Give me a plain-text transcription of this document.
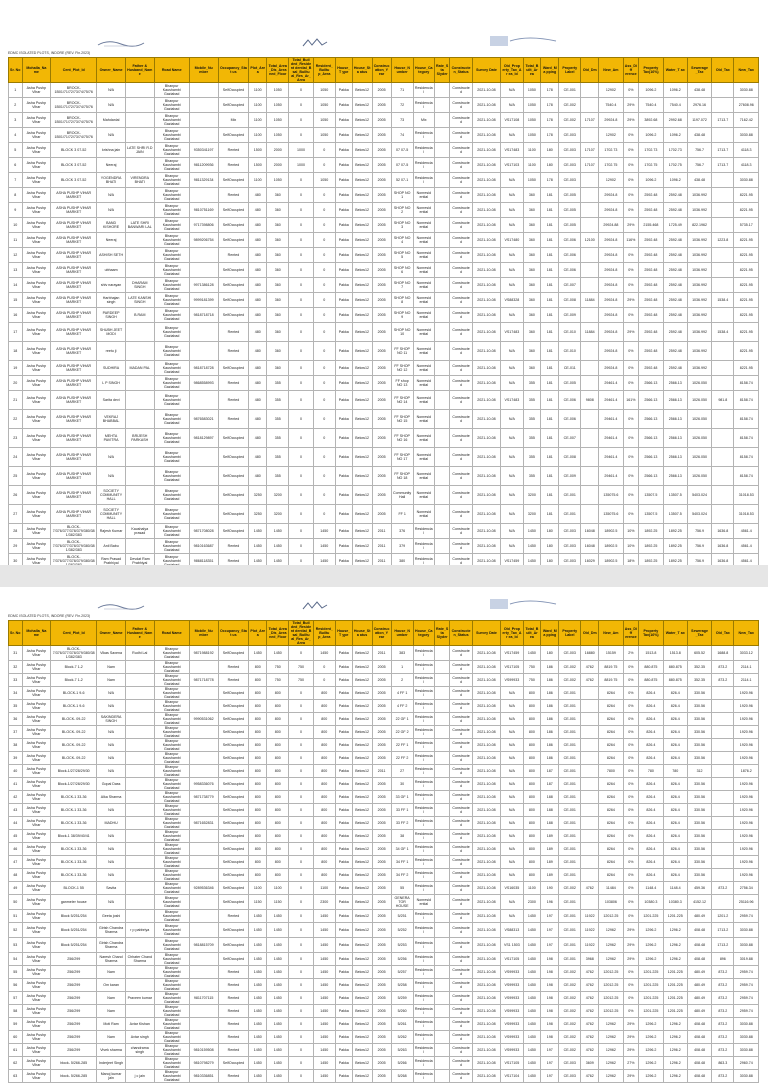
EDMC ISOLATED PLOTS, INDORE (REV. Fin.2023)
Sr. No	Mohalla_Na me	Cent_Plot_Id	Owner_Name	Father & Husband_Name	Road Name	Mobile_Nu mber	Occupancy_Stat us	Plot_Area	Total_Area _Dis_Area ned_Floor	Total_Buil ded_Resident dential_B sal_Builtu al_Res_Ar_Area	Resident_Builtu p_Area	House_T ype	House_Sta atus	Construc ation_Y ear	House_N umber	House_Ca tegory	Rate_Sta Slyder	Constructe n_Status	Survey Date	Old_Prop erty_Tax_Ar ea_Id	Total_B uilt_Ar ea	Ward_Ma pping	Property Label	Old_Dm	New_Am	Ass_Diff erence	Property Tax(16%)	Water_T ax	Sewerage _Tax	Old_Tax	New_Tax
1	Asha Pushp Vihar	BROCK-1B01/71/72/73/74/75/76	N/A		Bhanpur Kaushambi Gaziabad		SelfOccupied	1100	1050	0	1050	Pakka	Below12	2005	71	Residencial		Constructe d	2021-10-08	N/A	1050	178	CE-001		12902	0%	1096.2	1096.2	438.48		3030.88
2	Asha Pushp Vihar	BROCK-1B01/71/72/73/74/75/76	N/A		Bhanpur Kaushambi Gaziabad		SelfOccupied	1100	1050	0	1050	Pakka	Below12	2005	72	Residencial		Constructe d	2021-10-08	N/A	1050	178	CE-002		7540.4	29%	7540.4	7540.4	2976.16		27608.96
3	Asha Pushp Vihar	BROCK-1B01/71/72/73/74/75/76	Mahdanlal		Bhanpur Kaushambi Gaziabad		Mix	1100	1050	0	1050	Pakka	Below12	2005	73	Mix		Constructe d	2021-10-08	VS17108	1050	178	CE-002	17107	29924.8	29%	3892.68	2992.68	1197.072	1713.7	7162.42
4	Asha Pushp Vihar	BROCK-1B01/71/72/73/74/75/76	N/A		Bhanpur Kaushambi Gaziabad		SelfOccupied	1100	1050	0	1050	Pakka	Below12	2005	74	Residencial		Constructe d	2021-10-08	N/A	1050	178	CE-003		12902	0%	1096.2	1096.2	438.48		3030.88
5	Asha Pushp Vihar	BLOCK 3 07-52	krishna jain	LATE SHRI R.D JAIN	Bhanpur Kaushambi Gaziabad	9350341197	Rented	1500	2000	1000	0	Pakka	Below12	2005	07 07-5	Residencial		Constructe d	2021-10-08	VS17483	1100	180	CE-003	17107	1702.73	0%	1702.73	1702.73	756.7	1713.7	4118.3
6	Asha Pushp Vihar	BLOCK 3 07-52	Neeraj		Bhanpur Kaushambi Gaziabad	9811209936	Rented	1500	2000	1000	0	Pakka	Below12	2005	07 07-5	Residencial		Constructe d	2021-10-08	VS17103	1100	180	CE-003	17107	1702.75	0%	1702.75	1702.75	756.7	1713.7	4118.3
7	Asha Pushp Vihar	BLOCK 3 07-52	YOGENDRA BHATI	VIRENDRA BHATI	Bhanpur Kaushambi Gaziabad	9811329134	SelfOccupied	1100	1050	0	1050	Pakka	Below12	2005	52 07-1	Residencial		Constructe d	2021-10-08	N/A	1050	178	CE-003		12902	0%	1096.2	1096.2	438.48		3030.88
8	Asha Pushp Vihar	ASHA PUSHP VIHAR MARKET	N/A		Bhanpur Kaushambi Gaziabad		Rented	480	360	0	0	Pakka	Below12	2005	SHOP NO 1	Nonresid ential		Constructe d	2021-10-08	N/A	360	181	CE-005		29924.8	0%	2592.48	2592.48	1036.992		8221.95
9	Asha Pushp Vihar	ASHA PUSHP VIHAR MARKET	N/A		Bhanpur Kaushambi Gaziabad	9810751169	SelfOccupied	480	360	0	0	Pakka	Below12	2005	SHOP NO 2	Nonresid ential		Constructe d	2021-10-08	N/A	360	181	CE-005		29924.8	0%	2592.48	2592.48	1036.992		8221.95
10	Asha Pushp Vihar	ASHA PUSHP VIHAR MARKET	BAND KISHORE	LATE SHRI BANWARI LAL	Bhanpur Kaushambi Gaziabad	9717398806	SelfOccupied	480	360	0	0	Pakka	Below12	2005	SHOP NO 3	Nonresid ential		Constructe d	2021-10-08	N/A	360	181	CE-005		29924.88	29%	2155.468	1725.49	822.1962		5735.17
11	Asha Pushp Vihar	ASHA PUSHP VIHAR MARKET	Neeraj		Bhanpur Kaushambi Gaziabad	9899206754	SelfOccupied	480	360	0	0	Pakka	Below12	2005	SHOP NO 4	Nonresid ential		Constructe d	2021-10-08	VS17480	360	181	CE-006	12100	29924.8	116%	2592.48	2592.48	1036.992	1223.8	8221.95
12	Asha Pushp Vihar	ASHA PUSHP VIHAR MARKET	ASHISH SETH		Bhanpur Kaushambi Gaziabad		Rented	480	360	0	0	Pakka	Below12	2005	SHOP NO 5	Nonresid ential		Constructe d	2021-10-08	N/A	360	181	CE-006		29924.8	0%	2592.48	2592.48	1036.992		8221.95
13	Asha Pushp Vihar	ASHA PUSHP VIHAR MARKET	ubhaam		Bhanpur Kaushambi Gaziabad		SelfOccupied	480	360	0	0	Pakka	Below12	2005	SHOP NO 6	Nonresid ential		Constructe d	2021-10-08	N/A	360	181	CE-006		29924.8	0%	2592.48	2592.48	1036.992		8221.95
14	Asha Pushp Vihar	ASHA PUSHP VIHAR MARKET	shiv narayan	DHARAM SINGH	Bhanpur Kaushambi Gaziabad	9971386128	SelfOccupied	480	360	0	0	Pakka	Below12	2005	SHOP NO 7	Nonresid ential		Constructe d	2021-10-08	N/A	360	181	CE-007		29924.8	0%	2592.48	2592.48	1036.992		8221.95
15	Asha Pushp Vihar	ASHA PUSHP VIHAR MARKET	Harbhajan singh	LATE KANSHI SINGH	Bhanpur Kaushambi Gaziabad	9999181399	SelfOccupied	480	360	0	0	Pakka	Below12	2005	SHOP NO 8	Nonresid ential		Constructe d	2021-10-08	VS88328	360	181	CE-008	11884	29924.8	29%	2592.48	2592.48	1036.992	1538.4	8221.95
16	Asha Pushp Vihar	ASHA PUSHP VIHAR MARKET	PARDEEP SINGH	B.RAM	Bhanpur Kaushambi Gaziabad	9818718718	SelfOccupied	480	360	0	0	Pakka	Below12	2005	SHOP NO 9	Nonresid ential		Constructe d	2021-10-08	N/A	360	181	CE-009		29924.8	0%	2592.48	2592.48	1036.992		8221.95
17	Asha Pushp Vihar	ASHA PUSHP VIHAR MARKET	SHUBH JEET MODI		Bhanpur Kaushambi Gaziabad		Rented	480	360	0	0	Pakka	Below12	2005	SHOP NO 10	Nonresid ential		Constructe d	2021-10-08	VS17483	360	181	CE-010	11884	29924.8	29%	2592.48	2592.48	1036.992	1538.4	8221.95
18	Asha Pushp Vihar	ASHA PUSHP VIHAR MARKET	reetu ji		Bhanpur Kaushambi Gaziabad		Rented	480	360	0	0	Pakka	Below12	2005	FF SHOP NO 11	Nonresid ential		Constructe d	2021-10-08	N/A	360	181	CE-010		29924.8	0%	2592.48	2592.48	1036.992		8221.95
19	Asha Pushp Vihar	ASHA PUSHP VIHAR MARKET	SUDHIRA	MADAN PAL	Bhanpur Kaushambi Gaziabad	9818718728	SelfOccupied	480	360	0	0	Pakka	Below12	2005	FF SHOP NO 12	Nonresid ential		Constructe d	2021-10-08	N/A	360	181	CE-011		29924.8	0%	2592.48	2592.48	1036.992		8221.95
20	Asha Pushp Vihar	ASHA PUSHP VIHAR MARKET	L P SINGH		Bhanpur Kaushambi Gaziabad	9868558993	Rented	480	355	0	0	Pakka	Below12	2005	FF shop NO 13	Nonresid ential		Constructe d	2021-10-08	N/A	355	181	CE-005		29461.4	0%	2566.13	2566.13	1026.050		8158.74
21	Asha Pushp Vihar	ASHA PUSHP VIHAR MARKET	Sarita devi		Bhanpur Kaushambi Gaziabad		Rented	480	355	0	0	Pakka	Below12	2005	FF SHOP NO 14	Nonresid ential		Constructe d	2021-10-08	VS17483	355	181	CE-006	9808	29461.4	161%	2566.13	2566.13	1026.050	981.8	8158.74
22	Asha Pushp Vihar	ASHA PUSHP VIHAR MARKET	VEKRAJ BHABBAL		Bhanpur Kaushambi Gaziabad	9876583021	Rented	480	355	0	0	Pakka	Below12	2005	FF SHOP NO 15	Nonresid ential		Constructe d	2021-10-08	N/A	355	181	CE-006		29461.4	0%	2566.13	2566.13	1026.050		8158.74
23	Asha Pushp Vihar	ASHA PUSHP VIHAR MARKET	MEHTA PAVITRA	BRIJESH PARKASH	Bhanpur Kaushambi Gaziabad	9818129897	SelfOccupied	480	355	0	0	Pakka	Below12	2005	FF SHOP NO 16	Nonresid ential		Constructe d	2021-10-08	N/A	355	181	CE-007		29461.4	0%	2566.13	2566.13	1026.050		8158.74
24	Asha Pushp Vihar	ASHA PUSHP VIHAR MARKET	N/A		Bhanpur Kaushambi Gaziabad		SelfOccupied	480	355	0	0	Pakka	Below12	2005	FF SHOP NO 17	Nonresid ential		Constructe d	2021-10-08	N/A	355	181	CE-008		29461.4	0%	2566.13	2566.13	1026.050		8158.74
25	Asha Pushp Vihar	ASHA PUSHP VIHAR MARKET	N/A		Bhanpur Kaushambi Gaziabad		SelfOccupied	480	355	0	0	Pakka	Below12	2005	FF SHOP NO 18	Nonresid ential		Constructe d	2021-10-08	N/A	355	181	CE-009		29461.4	0%	2566.13	2566.13	1026.050		8158.74
26	Asha Pushp Vihar	ASHA PUSHP VIHAR MARKET	SOCIETY COMMUNITY HALL		Bhanpur Kaushambi Gaziabad		SelfOccupied	3250	3200	0	0	Pakka	Below12	2005	Community Hall	Nonresid ential		Constructe d	2021-10-08	N/A	3200	181	CE-001		135075.6	0%	13507.5	13507.5	5403.024		31018.53
27	Asha Pushp Vihar	ASHA PUSHP VIHAR MARKET	SOCIETY COMMUNITY HALL		Bhanpur Kaushambi Gaziabad		SelfOccupied	3250	3200	0	0	Pakka	Below12	2005	FF 1	Nonresid ential		Constructe d	2021-10-08	N/A	3200	181	CE-001		135075.6	0%	13507.5	13507.5	5403.024		31018.53
28	Asha Pushp Vihar	BLOCK-7/376/377/378/379/380/381/382/383	Rajesh Kumar	Kaushalya prasad	Bhanpur Kaushambi Gaziabad	9871708028	SelfOccupied	1450	1450	0	1450	Pakka	Below12	2011	376	Residencial		Constructe d	2021-10-08	N/A	1450	180	CE-003	16048	18902.5	10%	1892.25	1892.25	756.9	1636.8	4561.4
29	Asha Pushp Vihar	BLOCK-7/376/377/378/379/380/381/382/383	Anil Babu		Bhanpur Kaushambi Gaziabad	9810163687	Rented	1450	1450	0	1450	Pakka	Below12	2011	379	Residencial		Constructe d	2021-10-08	N/A	1450	180	CE-003	16048	18902.5	10%	1892.25	1892.25	756.9	1636.8	4561.4
30	Asha Pushp Vihar	BLOCK-7/376/377/378/379/380/38	Ram Prasad Prabhiyal	Devdat Ram Prabhiyal	Bhanpur Kaushambi	9868118351	Rented	1450	1450	0	1450	Pakka	Below12	2011	380	Residencial		Constructe d	2021-10-08	VS17459	1450	180	CE-003	16029	18902.5	18%	1892.25	1892.25	756.9	1636.8	4561.4
EDMC ISOLATED PLOTS, INDORE (REV. Fin.2023)
Sr. No	Mohalla_Na me	Cent_Plot_Id	Owner_Name	Father & Husband_Name	Road Name	Mobile_Nu mber	Occupancy_Stat us	Plot_Area	Total_Area _Dis_Area ned_Floor	Total_Buil ded_Resident dential_B sal_Builtu al_Res_Ar_Area	Resident_Builtu p_Area	House_T ype	House_Sta atus	Construc ation_Y ear	House_N umber	House_Ca tegory	Rate_Sta Slyder	Constructe n_Status	Survey Date	Old_Prop erty_Tax_Ar ea_Id	Total_B uilt_Ar ea	Ward_Ma pping	Property Label	Old_Dm	New_Am	Ass_Diff erence	Property Tax(16%)	Water_T ax	Sewerage _Tax	Old_Tax	New_Tax
31	Asha Pushp Vihar	BLOCK-7/376/377/378/379/380/381/382/383	Vikas Saxena	Rudhi Lal	Bhanpur Kaushambi Gaziabad	9871988192	SelfOccupied	1450	1450	0	1450	Pakka	Below12	2011	383	Residencial		Constructe d	2021-10-08	VS17459	1450	180	CE-003	16880	15159	2%	1513.8	1513.8	605.52	1688.8	3033.12
32	Asha Pushp Vihar	Block-7 1-2	Nam		Bhanpur Kaushambi Gaziabad		Rented	800	750	750	0	Pakka	Below12	2005	1	Residencial		Constructe d	2021-10-08	VS17105	750	186	CE-002	4762	8819.75	0%	880.875	880.875	352.35	873.2	2114.1
33	Asha Pushp Vihar	Block-7 1-2	Nam		Bhanpur Kaushambi Gaziabad	9871718778	Rented	800	750	750	0	Pakka	Below12	2005	2	Residencial		Constructe d	2021-10-08	VS99933	750	186	CE-002	4762	8819.75	0%	880.875	880.875	352.35	873.2	2114.1
34	Asha Pushp Vihar	BLOCK-1 9-6	N/A		Bhanpur Kaushambi Gaziabad		SelfOccupied	800	800	0	800	Pakka	Below12	2005	4 FF 1	Residencial		Constructe d	2021-10-08	N/A	800	186	CE-001		8264	0%	826.4	826.4	330.56		1920.96
35	Asha Pushp Vihar	BLOCK-1 9-6	N/A		Bhanpur Kaushambi Gaziabad		SelfOccupied	800	800	0	800	Pakka	Below12	2005	4 FF 2	Residencial		Constructe d	2021-10-08	N/A	800	186	CE-001		8264	0%	826.4	826.4	330.56		1920.96
36	Asha Pushp Vihar	BLOCK- 09-22	SAKINDERA SINGH		Bhanpur Kaushambi Gaziabad	9990531062	SelfOccupied	800	800	0	800	Pakka	Below12	2005	22 GF 1	Residencial		Constructe d	2021-10-08	N/A	800	186	CE-001		8264	0%	826.4	826.4	330.56		1920.96
37	Asha Pushp Vihar	BLOCK- 09-22	N/A		Bhanpur Kaushambi Gaziabad		SelfOccupied	800	800	0	800	Pakka	Below12	2005	22 GF 2	Residencial		Constructe d	2021-10-08	N/A	800	186	CE-001		8264	0%	826.4	826.4	330.56		1920.96
38	Asha Pushp Vihar	BLOCK- 09-22	N/A		Bhanpur Kaushambi Gaziabad		SelfOccupied	800	800	0	800	Pakka	Below12	2005	22 FF 1	Residencial		Constructe d	2021-10-08	N/A	800	186	CE-001		8264	0%	826.4	826.4	330.56		1920.96
39	Asha Pushp Vihar	BLOCK- 09-22	N/A		Bhanpur Kaushambi Gaziabad		SelfOccupied	800	800	0	800	Pakka	Below12	2005	22 FF 2	Residencial		Constructe d	2021-10-08	N/A	800	186	CE-001		8264	0%	826.4	826.4	330.56		1920.96
40	Asha Pushp Vihar	Block-1/27/28/29/30	N/A		Bhanpur Kaushambi Gaziabad		SelfOccupied	800	800	0	800	Pakka	Below12	2011	27	Residencial		Constructe d	2021-10-08	N/A	800	187	CE-001		7800	0%	780	780	312		1876.2
41	Asha Pushp Vihar	Block-1/27/28/29/30	Gopal Dass		Bhanpur Kaushambi Gaziabad	9958336076	SelfOccupied	800	800	0	800	Pakka	Below12	2005	30	Residencial		Constructe d	2021-10-08	N/A	800	187	CE-001		8264	0%	826.4	826.4	330.56		1920.96
42	Asha Pushp Vihar	BLOCK-1 33-36	Alka Sharma		Bhanpur Kaushambi Gaziabad	9871738779	SelfOccupied	800	800	0	800	Pakka	Below12	2005	33 GF 1	Residencial		Constructe d	2021-10-08	N/A	800	188	CE-001		8264	0%	826.4	826.4	330.56		1920.96
43	Asha Pushp Vihar	BLOCK-1 33-36	N/A		Bhanpur Kaushambi Gaziabad		SelfOccupied	800	800	0	800	Pakka	Below12	2005	33 FF 1	Residencial		Constructe d	2021-10-08	N/A	800	188	CE-001		8264	0%	826.4	826.4	330.56		1920.96
44	Asha Pushp Vihar	BLOCK-1 33-36	MADHU		Bhanpur Kaushambi Gaziabad	9871652831	SelfOccupied	800	800	0	800	Pakka	Below12	2005	33 FF 2	Residencial		Constructe d	2021-10-08	N/A	800	188	CE-001		8264	0%	826.4	826.4	330.56		1920.96
45	Asha Pushp Vihar	Block-1 38/39/40/41	N/A		Bhanpur Kaushambi Gaziabad		SelfOccupied	800	800	0	800	Pakka	Below12	2005	38	Residencial		Constructe d	2021-10-08	N/A	800	189	CE-001		8264	0%	826.4	826.4	330.56		1920.96
46	Asha Pushp Vihar	BLOCK-1 33-36	N/A		Bhanpur Kaushambi Gaziabad		SelfOccupied	800	800	0	800	Pakka	Below12	2005	34 GF 1	Residencial		Constructe d	2021-10-08	N/A	800	189	CE-001		8264	0%	826.4	826.4	330.56		1920.96
47	Asha Pushp Vihar	BLOCK-1 33-36	N/A		Bhanpur Kaushambi Gaziabad		SelfOccupied	800	800	0	800	Pakka	Below12	2005	34 FF 1	Residencial		Constructe d	2021-10-08	N/A	800	189	CE-001		8264	0%	826.4	826.4	330.56		1920.96
48	Asha Pushp Vihar	BLOCK-1 33-36	N/A		Bhanpur Kaushambi Gaziabad		SelfOccupied	800	800	0	800	Pakka	Below12	2005	34 FF 2	Residencial		Constructe d	2021-10-08	N/A	800	189	CE-001		8264	0%	826.4	826.4	330.56		1920.96
49	Asha Pushp Vihar	BLOCK-1 55	Savita		Bhanpur Kaushambi Gaziabad	9289536346	SelfOccupied	1100	1100	0	1100	Pakka	Below12	2005	55	Residencial		Constructe d	2021-10-08	VS16035	1100	190	CE-002	4762	11484	0%	1148.4	1148.4	459.36	873.2	2756.34
50	Asha Pushp Vihar	ganmeler house	N/A		Bhanpur Kaushambi Gaziabad		SelfOccupied	1150	1150	0	2300	Pakka	Below12	2005	GENERA TOR HOUSE	Nonresid ential		Constructe d	2021-10-08	N/A	2300	196	CE-001		103806	0%	10380.3	10380.3	4152.12		25116.96
51	Asha Pushp Vihar	Block 5/251/254	Geeta joshi		Bhanpur Kaushambi Gaziabad		Rented	1450	1450	0	1450	Pakka	Below12	2005	5/251	Residencial		Constructe d	2021-10-08	N/A	1450	197	CE-001	11922	12012.25	0%	1201.225	1201.225	480.49	1201.2	2959.74
52	Asha Pushp Vihar	Block 5/251/254	Girish Chandra Sharma	r p pabbriya	Bhanpur Kaushambi Gaziabad		SelfOccupied	1450	1450	0	1450	Pakka	Below12	2005	5/252	Residencial		Constructe d	2021-10-08	VS88313	1450	197	CE-001	11922	12962	29%	1296.2	1296.2	408.48	1713.2	3030.88
53	Asha Pushp Vihar	Block 5/251/254	Girish Chandra Sharma		Bhanpur Kaushambi Gaziabad	9818815709	SelfOccupied	1450	1450	0	1450	Pakka	Below12	2005	5/253	Residencial		Constructe d	2021-10-08	VS1 1503	1450	197	CE-001	11922	12962	29%	1296.2	1296.2	408.48	1713.2	3030.88
54	Asha Pushp Vihar	256/299	Naresh Chand Sharma	Chhater Chand Sharma	Bhanpur Kaushambi Gaziabad		SelfOccupied	1450	1450	0	1450	Pakka	Below12	2005	5/256	Residencial		Constructe d	2021-10-08	VS17105	1450	198	CE-001	3968	12962	29%	1296.2	1296.2	408.48	896	3019.88
55	Asha Pushp Vihar	256/299	Nam		Bhanpur Kaushambi Gaziabad		Rented	1450	1450	0	1450	Pakka	Below12	2005	5/257	Residencial		Constructe d	2021-10-08	VS99933	1450	198	CE-002	4762	12012.25	0%	1201.225	1201.225	480.49	873.2	2959.74
56	Asha Pushp Vihar	256/299	Om karan		Bhanpur Kaushambi Gaziabad		Rented	1450	1450	0	1450	Pakka	Below12	2005	5/258	Residencial		Constructe d	2021-10-08	VS99933	1450	198	CE-002	4762	12012.25	0%	1201.225	1201.225	480.49	873.2	2959.74
57	Asha Pushp Vihar	256/299	Nam	Praveen kumar	Bhanpur Kaushambi Gaziabad	9811707115	Rented	1450	1450	0	1450	Pakka	Below12	2005	5/259	Residencial		Constructe d	2021-10-08	VS99933	1450	198	CE-002	4762	12012.25	0%	1201.225	1201.225	480.49	873.2	2959.74
58	Asha Pushp Vihar	256/299	Nam		Bhanpur Kaushambi Gaziabad		Rented	1450	1450	0	1450	Pakka	Below12	2005	5/260	Residencial		Constructe d	2021-10-08	VS99933	1450	198	CE-002	4762	12012.25	0%	1201.225	1201.225	480.49	873.2	2959.74
59	Asha Pushp Vihar	256/299	Moti Ram	Avtar Kishan	Bhanpur Kaushambi Gaziabad		Rented	1450	1450	0	1450	Pakka	Below12	2005	5/261	Residencial		Constructe d	2021-10-08	VS99933	1450	198	CE-002	4762	12962	29%	1296.2	1296.2	408.48	873.2	3030.88
60	Asha Pushp Vihar	256/299	Nam	Avtar singh	Bhanpur Kaushambi Gaziabad		Rented	1450	1450	0	1450	Pakka	Below12	2005	5/262	Residencial		Constructe d	2021-10-08	VS99933	1450	198	CE-002	4762	12962	29%	1296.2	1296.2	408.48	873.2	3030.88
61	Asha Pushp Vihar	256/299	Vivek sharma	chandrama singh	Bhanpur Kaushambi Gaziabad	9810159508	Rented	1450	1450	0	1450	Pakka	Below12	2005	5/263	Residencial		Constructe d	2021-10-08	VS99933	1450	197	CE-002	4762	12962	29%	1296.2	1296.2	408.48	873.2	3030.88
62	Asha Pushp Vihar	block- 5/266-285	Inderjeet Singh		Bhanpur Kaushambi Gaziabad	9810798279	SelfOccupied	1450	1450	0	1450	Pakka	Below12	2005	5/266	Residencial		Constructe d	2021-10-08	VS17105	1450	197	CE-003	3609	12962	27%	1296.2	1296.2	408.48	863.3	2960.74
63	Asha Pushp Vihar	block- 5/266-285	Manoj kumar jain	j c jain	Bhanpur Kaushambi Gaziabad	9810336851	Rented	1450	1450	0	1450	Pakka	Below12	2005	5/268	Residencial		Constructe d	2021-10-08	VS17104	1450	197	CE-003	4762	12962	29%	1296.2	1296.2	408.48	873.2	3030.88
